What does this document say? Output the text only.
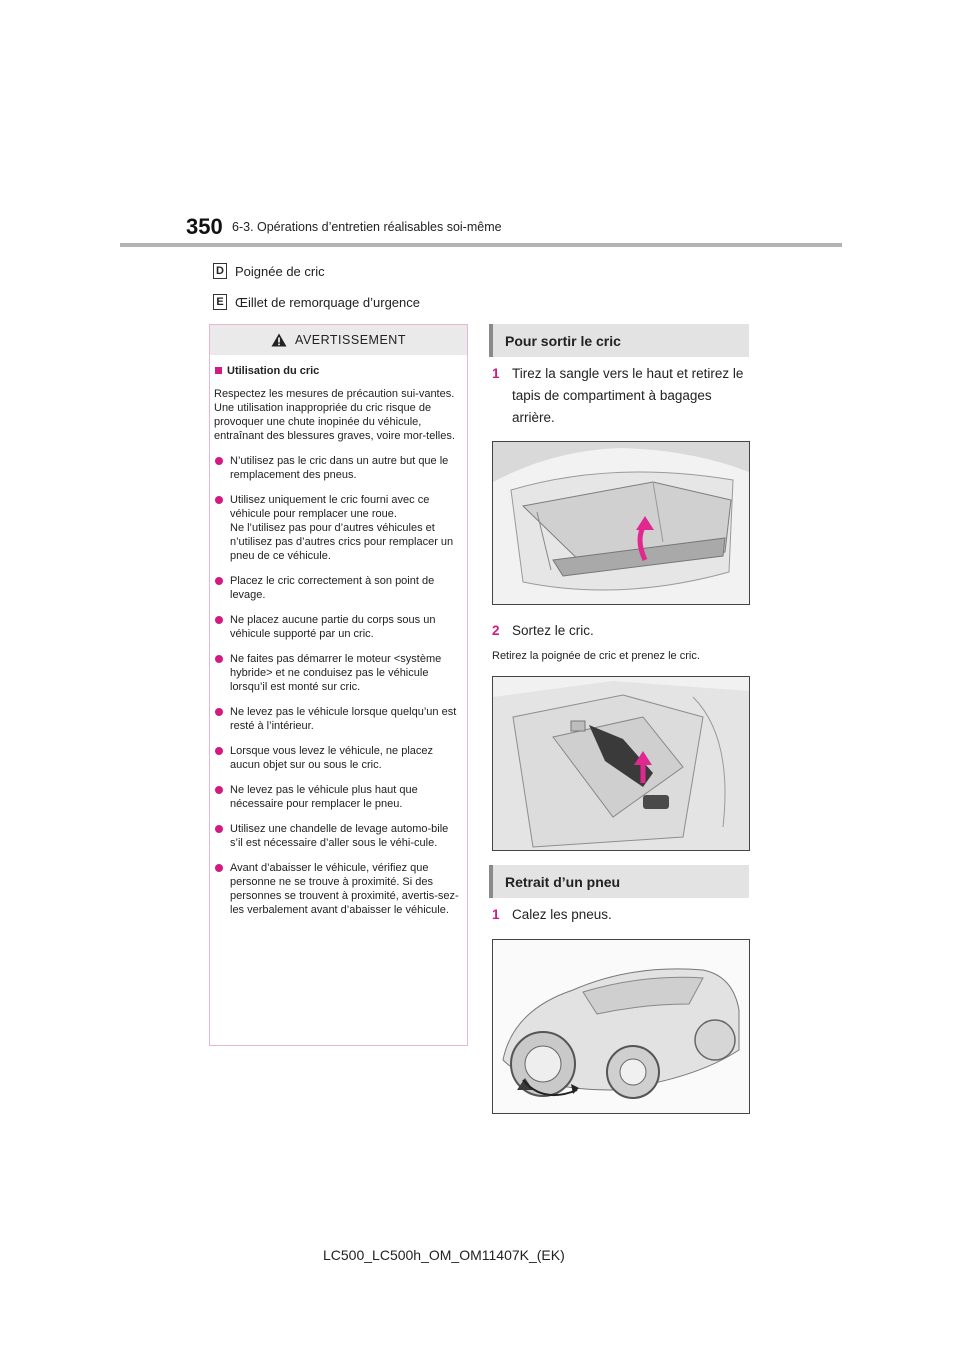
350 6-3. Opérations d’entretien réalisables soi-même
D Poignée de cric
E Œillet de remorquage d’urgence
AVERTISSEMENT
Utilisation du cric
Respectez les mesures de précaution sui-vantes.
Une utilisation inappropriée du cric risque de provoquer une chute inopinée du véhicule, entraînant des blessures graves, voire mor-telles.
N’utilisez pas le cric dans un autre but que le remplacement des pneus.
Utilisez uniquement le cric fourni avec ce véhicule pour remplacer une roue.
Ne l’utilisez pas pour d’autres véhicules et n’utilisez pas d’autres crics pour remplacer un pneu de ce véhicule.
Placez le cric correctement à son point de levage.
Ne placez aucune partie du corps sous un véhicule supporté par un cric.
Ne faites pas démarrer le moteur <système hybride> et ne conduisez pas le véhicule lorsqu’il est monté sur cric.
Ne levez pas le véhicule lorsque quelqu’un est resté à l’intérieur.
Lorsque vous levez le véhicule, ne placez aucun objet sur ou sous le cric.
Ne levez pas le véhicule plus haut que nécessaire pour remplacer le pneu.
Utilisez une chandelle de levage automo-bile s’il est nécessaire d’aller sous le véhi-cule.
Avant d’abaisser le véhicule, vérifiez que personne ne se trouve à proximité. Si des personnes se trouvent à proximité, avertis-sez-les verbalement avant d’abaisser le véhicule.
Pour sortir le cric
1 Tirez la sangle vers le haut et retirez le tapis de compartiment à bagages arrière.
2 Sortez le cric.
Retirez la poignée de cric et prenez le cric.
Retrait d’un pneu
1 Calez les pneus.
LC500_LC500h_OM_OM11407K_(EK)
